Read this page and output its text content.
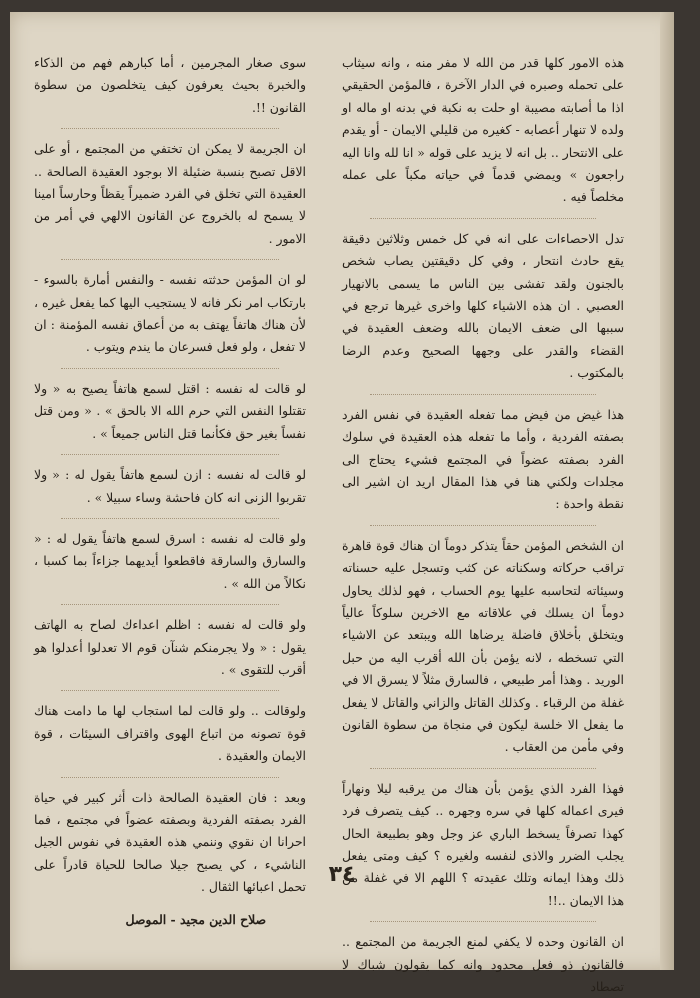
هذه الامور كلها قدر من الله لا مفر منه ، وانه سيثاب على تحمله وصبره في الدار الآخرة ، فالمؤمن الحقيقي اذا ما أصابته مصيبة او حلت به نكبة في بدنه او ماله او ولده لا تنهار أعصابه - كغيره من قليلي الايمان - أو يقدم على الانتحار .. بل انه لا يزيد على قوله « انا لله وانا اليه راجعون » ويمضي قدماً في حياته مكباً على عمله مخلصاً فيه .

تدل الاحصاءات على انه في كل خمس وثلاثين دقيقة يقع حادث انتحار ، وفي كل دقيقتين يصاب شخص بالجنون ولقد تفشى بين الناس ما يسمى بالانهيار العصبي . ان هذه الاشياء كلها واخرى غيرها ترجع في سببها الى ضعف الايمان بالله وضعف العقيدة في القضاء والقدر على وجهها الصحيح وعدم الرضا بالمكتوب .

هذا غيض من فيض مما تفعله العقيدة في نفس الفرد بصفته الفردية ، وأما ما تفعله هذه العقيدة في سلوك الفرد بصفته عضواً في المجتمع فشيء يحتاج الى مجلدات ولكني هنا في هذا المقال اريد ان اشير الى نقطة واحدة :

ان الشخص المؤمن حقاً يتذكر دوماً ان هناك قوة قاهرة تراقب حركاته وسكناته عن كثب وتسجل عليه حسناته وسيئاته لتحاسبه عليها يوم الحساب ، فهو لذلك يحاول دوماً ان يسلك في علاقاته مع الاخرين سلوكاً عالياً ويتخلق بأخلاق فاضلة يرضاها الله ويبتعد عن الاشياء التي تسخطه ، لانه يؤمن بأن الله أقرب اليه من حبل الوريد . وهذا أمر طبيعي ، فالسارق مثلاً لا يسرق الا في غفلة من الرقباء . وكذلك القاتل والزاني والقاتل لا يفعل ما يفعل الا خلسة ليكون في منجاة من سطوة القانون وفي مأمن من العقاب .

فهذا الفرد الذي يؤمن بأن هناك من يرقبه ليلا ونهاراً فيرى اعماله كلها في سره وجهره .. كيف يتصرف فرد كهذا تصرفاً يسخط الباري عز وجل وهو بطبيعة الحال يجلب الضرر والاذى لنفسه ولغيره ؟ كيف ومتى يفعل ذلك وهذا ايمانه وتلك عقيدته ؟ اللهم الا في غفلة من هذا الايمان ..!!

ان القانون وحده لا يكفي لمنع الجريمة من المجتمع .. فالقانون ذو فعل محدود وانه كما يقولون شباك لا تصطاد

سوى صغار المجرمين ، أما كبارهم فهم من الذكاء والخبرة بحيث يعرفون كيف يتخلصون من سطوة القانون !!.

ان الجريمة لا يمكن ان تختفي من المجتمع ، أو على الاقل تصبح بنسبة ضئيلة الا بوجود العقيدة الصالحة .. العقيدة التي تخلق في الفرد ضميراً يقظاً وحارساً امينا لا يسمح له بالخروج عن القانون الالهي في أمر من الامور .

لو ان المؤمن حدثته نفسه - والنفس أمارة بالسوء - بارتكاب امر نكر فانه لا يستجيب اليها كما يفعل غيره ، لأن هناك هاتفاً يهتف به من أعماق نفسه المؤمنة : ان لا تفعل ، ولو فعل فسرعان ما يندم ويتوب .

لو قالت له نفسه : اقتل لسمع هاتفاً يصيح به « ولا تقتلوا النفس التي حرم الله الا بالحق » . « ومن قتل نفساً بغير حق فكأنما قتل الناس جميعاً » .

لو قالت له نفسه : ازن لسمع هاتفاً يقول له : « ولا تقربوا الزنى انه كان فاحشة وساء سبيلا » .

ولو قالت له نفسه : اسرق لسمع هاتفاً يقول له : « والسارق والسارقة فاقطعوا أيديهما جزاءاً بما كسبا ، نكالاً من الله » .

ولو قالت له نفسه : اظلم اعداءك لصاح به الهاتف يقول : « ولا يجرمنكم شنآن قوم الا تعدلوا أعدلوا هو أقرب للتقوى » .

ولوقالت .. ولو قالت لما استجاب لها ما دامت هناك قوة تصونه من اتباع الهوى واقتراف السيئات ، قوة الايمان والعقيدة .

وبعد : فان العقيدة الصالحة ذات أثر كبير في حياة الفرد بصفته الفردية وبصفته عضواً في مجتمع ، فما احرانا ان نقوي وننمي هذه العقيدة في نفوس الجيل الناشيء ، كي يصبح جيلا صالحا للحياة قادراً على تحمل اعبائها الثقال .

صلاح الدين مجيد - الموصل
٣٤
